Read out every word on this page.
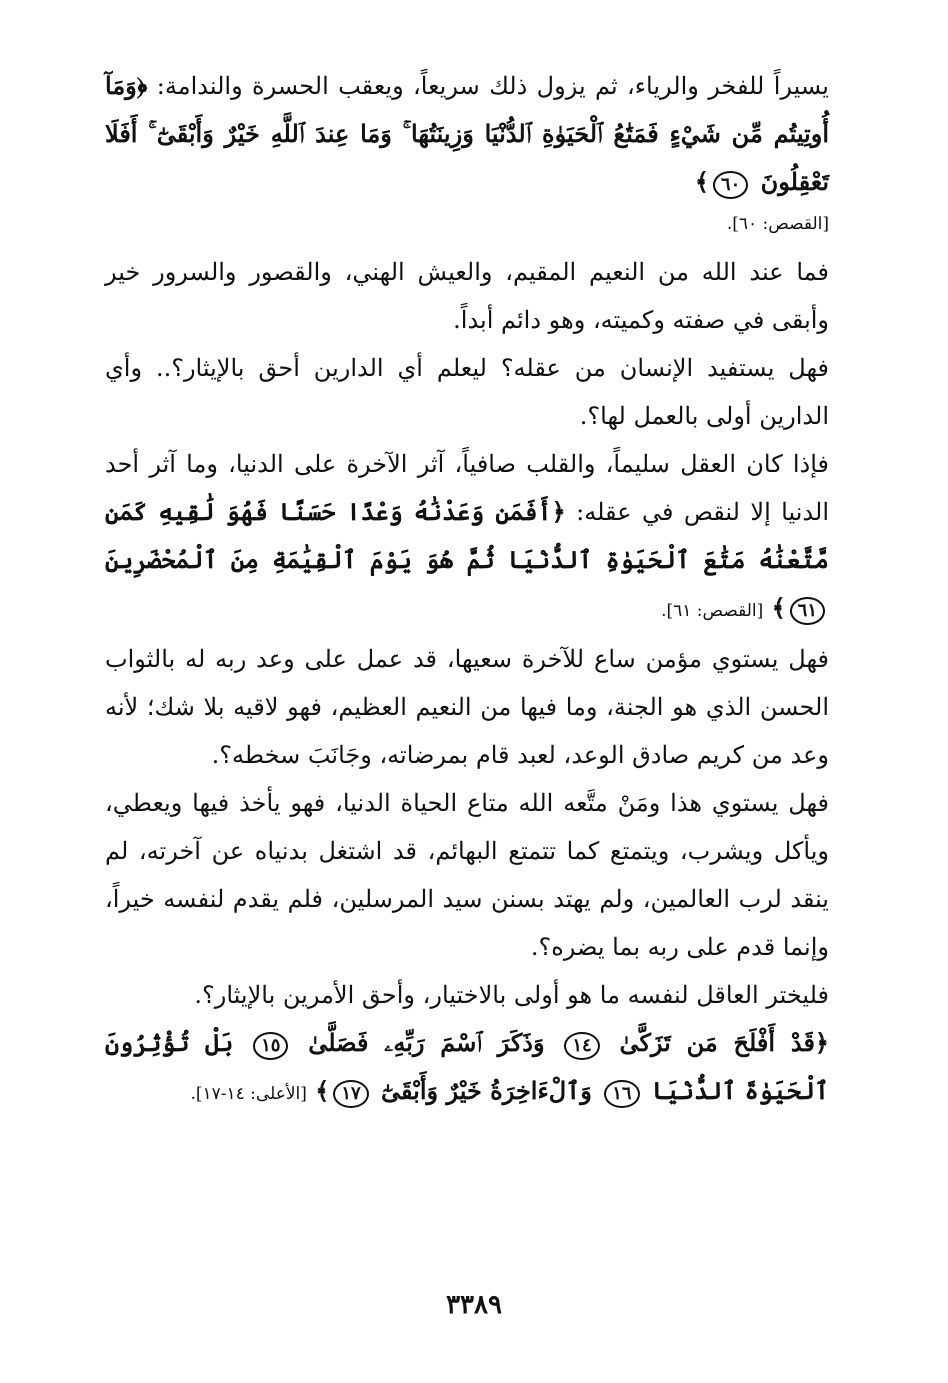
يسيراً للفخر والرياء، ثم يزول ذلك سريعاً، ويعقب الحسرة والندامة: ﴿وَمَآ أُوتِيتُم مِّن شَيْءٍ فَمَتَٰعُ ٱلْحَيَوٰةِ ٱلدُّنْيَا وَزِينَتُهَا ۚ وَمَا عِندَ ٱللَّهِ خَيْرٌ وَأَبْقَىٰٓ ۚ أَفَلَا تَعْقِلُونَ ٦٠﴾

[القصص: ٦٠].

فما عند الله من النعيم المقيم، والعيش الهني، والقصور والسرور خير وأبقى في صفته وكميته، وهو دائم أبداً.

فهل يستفيد الإنسان من عقله؟ ليعلم أي الدارين أحق بالإيثار؟.. وأي الدارين أولى بالعمل لها؟.

فإذا كان العقل سليماً، والقلب صافياً، آثر الآخرة على الدنيا، وما آثر أحد الدنيا إلا لنقص في عقله: ﴿أَفَمَن وَعَدْنَٰهُ وَعْدًا حَسَنًا فَهُوَ لَٰقِيهِ كَمَن مَّتَّعْنَٰهُ مَتَٰعَ ٱلْحَيَوٰةِ ٱلدُّنْيَا ثُمَّ هُوَ يَوْمَ ٱلْقِيَٰمَةِ مِنَ ٱلْمُحْضَرِينَ ٦١﴾ [القصص: ٦١].

فهل يستوي مؤمن ساع للآخرة سعيها، قد عمل على وعد ربه له بالثواب الحسن الذي هو الجنة، وما فيها من النعيم العظيم، فهو لاقيه بلا شك؛ لأنه وعد من كريم صادق الوعد، لعبد قام بمرضاته، وجَانَبَ سخطه؟.

فهل يستوي هذا ومَنْ متَّعه الله متاع الحياة الدنيا، فهو يأخذ فيها ويعطي، ويأكل ويشرب، ويتمتع كما تتمتع البهائم، قد اشتغل بدنياه عن آخرته، لم ينقد لرب العالمين، ولم يهتد بسنن سيد المرسلين، فلم يقدم لنفسه خيراً، وإنما قدم على ربه بما يضره؟.

فليختر العاقل لنفسه ما هو أولى بالاختيار، وأحق الأمرين بالإيثار؟.

﴿قَدْ أَفْلَحَ مَن تَزَكَّىٰ ١٤ وَذَكَرَ ٱسْمَ رَبِّهِۦ فَصَلَّىٰ ١٥ بَلْ تُؤْثِرُونَ ٱلْحَيَوٰةَ ٱلدُّنْيَا ١٦ وَٱلْءَاخِرَةُ خَيْرٌ وَأَبْقَىٰٓ ١٧﴾ [الأعلى: ١٤-١٧].

٣٣٨٩
